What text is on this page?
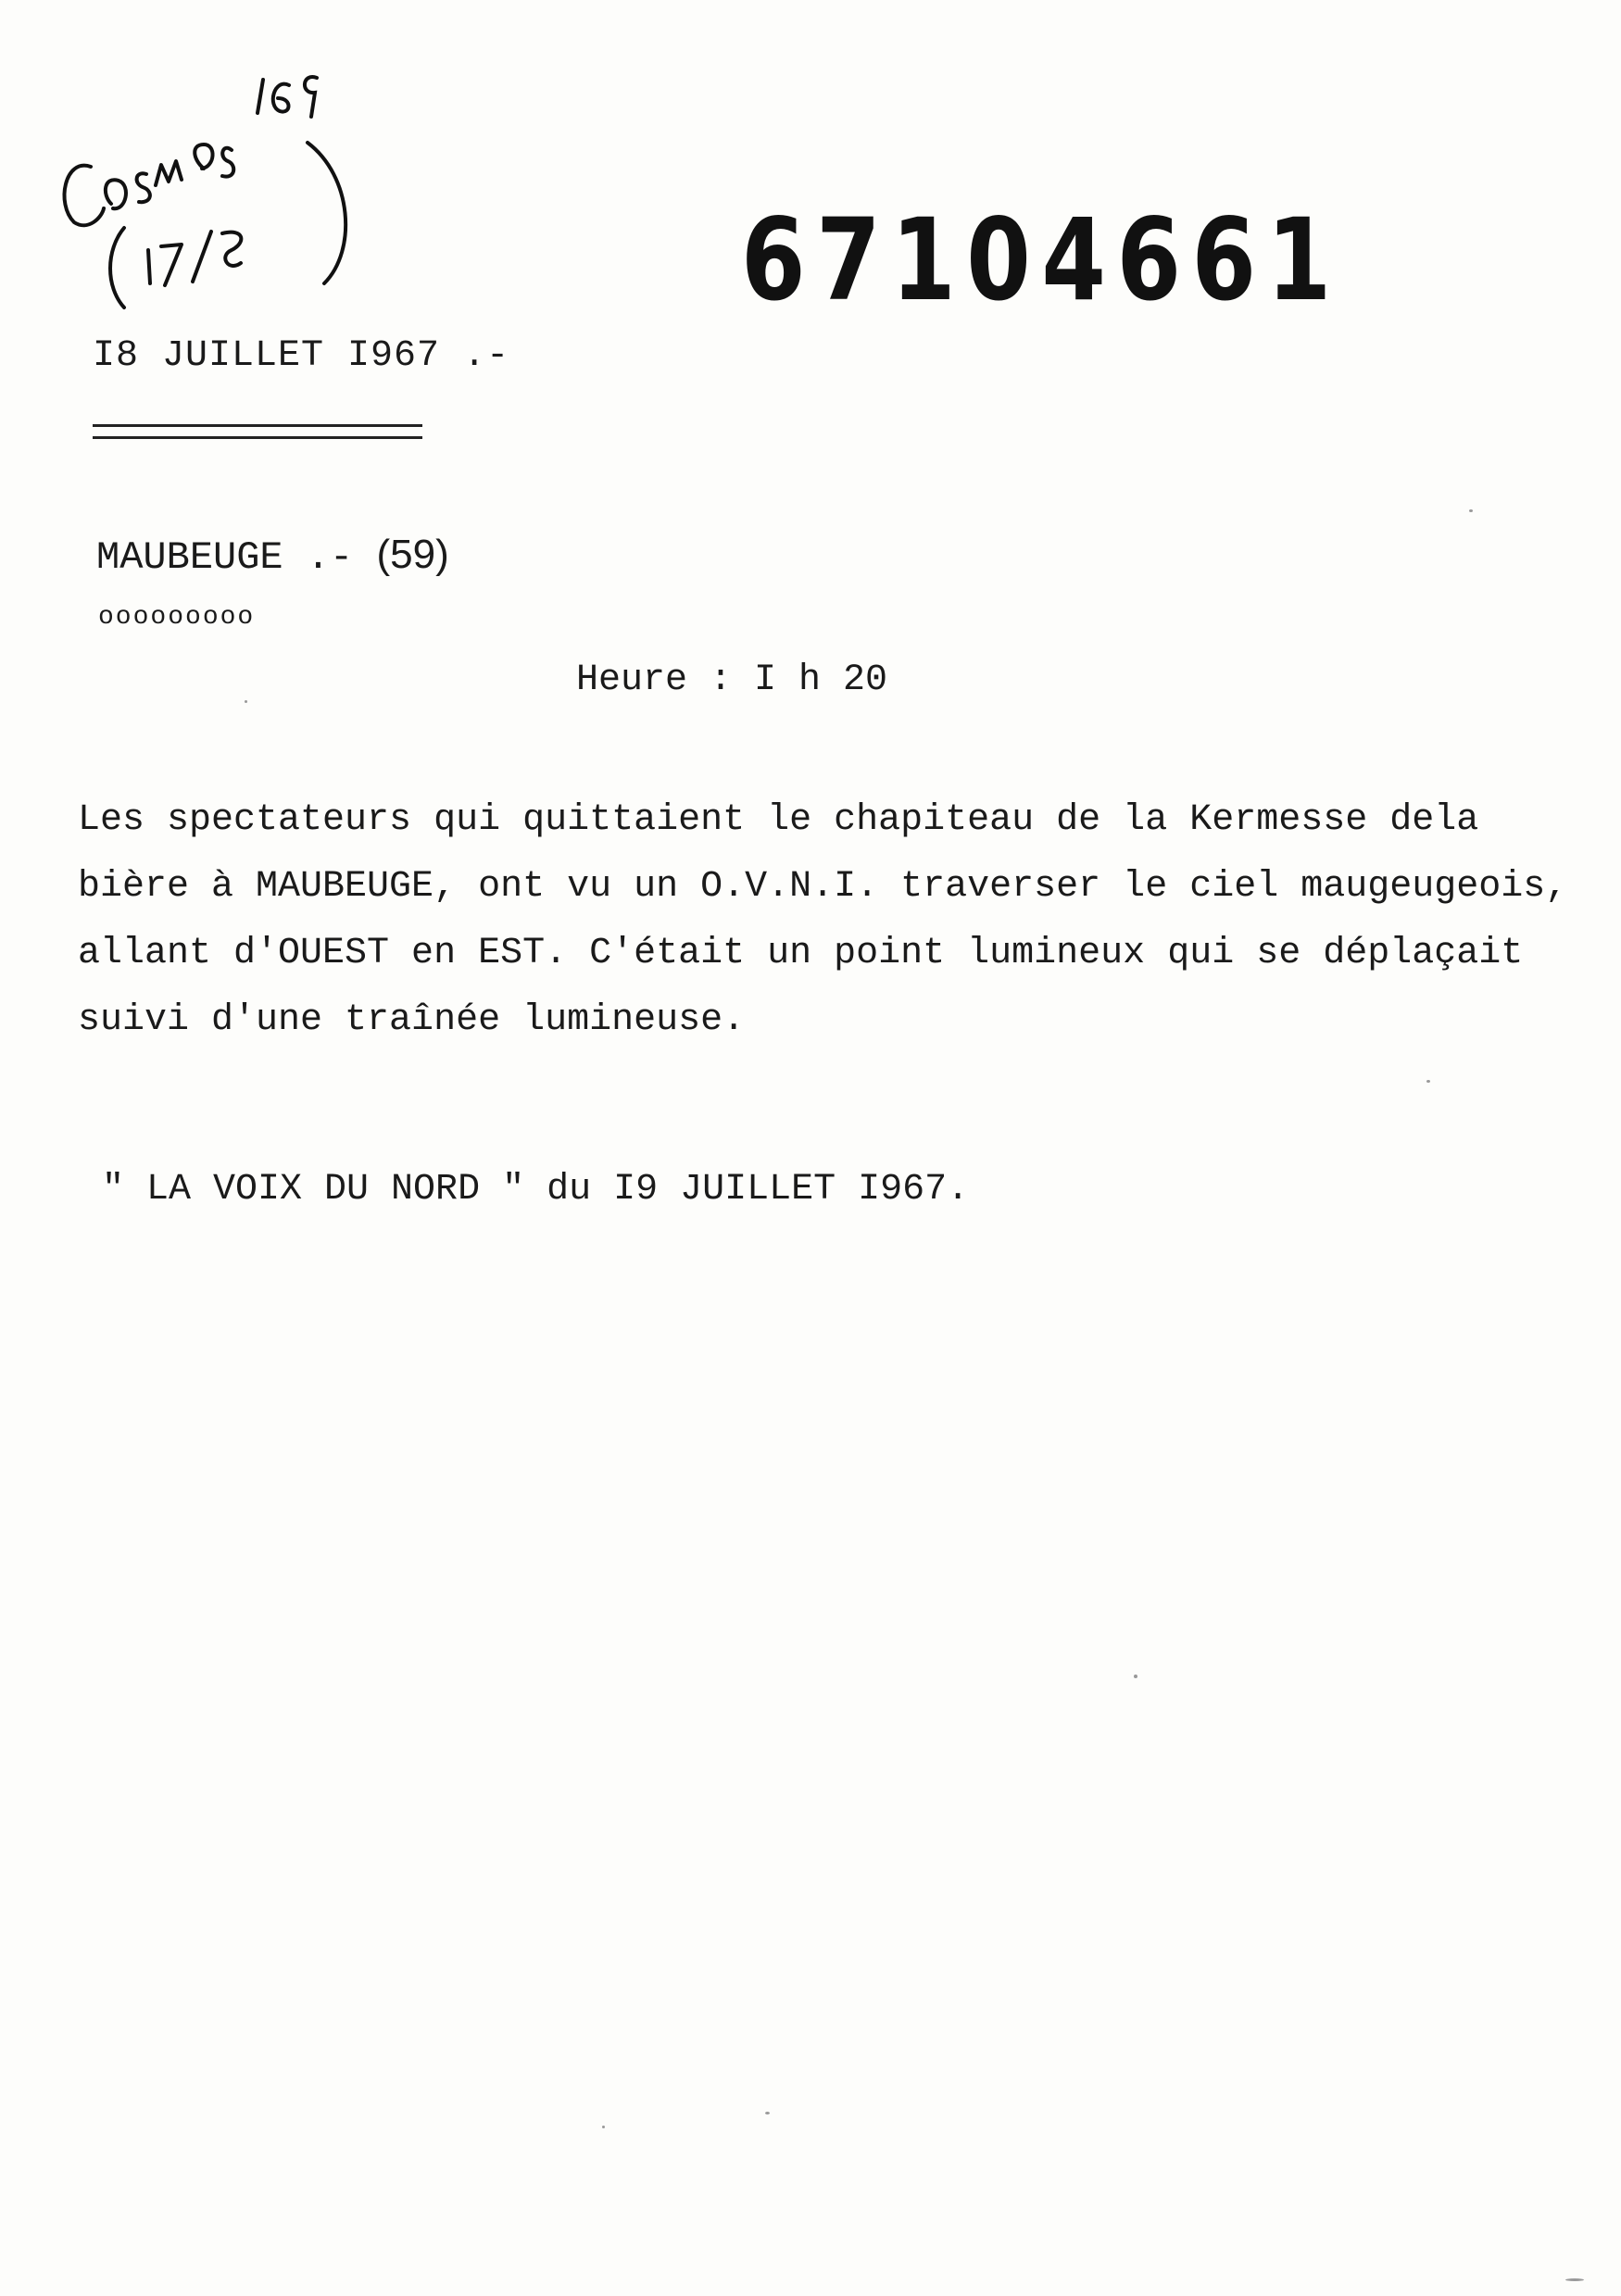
67104661
I8 JUILLET I967 .-
MAUBEUGE .- (59)
ooooooooo
Heure : I h 20
Les spectateurs qui quittaient le chapiteau de la Kermesse dela
bière à MAUBEUGE, ont vu un O.V.N.I. traverser le ciel maugeugeois,
allant d'OUEST en EST. C'était un point lumineux qui se déplaçait
suivi d'une traînée lumineuse.
" LA VOIX DU NORD " du I9 JUILLET I967.
